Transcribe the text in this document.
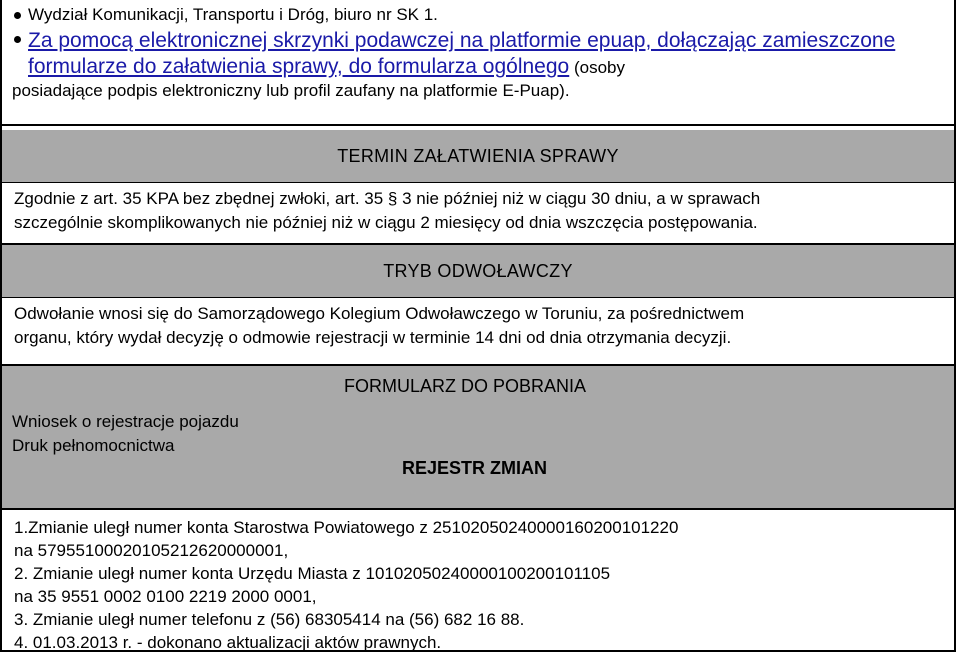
Wydział Komunikacji, Transportu i Dróg, biuro nr SK 1.
Za pomocą elektronicznej skrzynki podawczej na platformie epuap, dołączając zamieszczone formularze do załatwienia sprawy, do formularza ogólnego (osoby
posiadające podpis elektroniczny lub profil zaufany na platformie E-Puap).
TERMIN ZAŁATWIENIA SPRAWY
Zgodnie z art. 35 KPA bez zbędnej zwłoki, art. 35 § 3 nie później niż w ciągu 30 dniu, a w sprawach
szczególnie skomplikowanych nie później niż w ciągu 2 miesięcy od dnia wszczęcia postępowania.
TRYB ODWOŁAWCZY
Odwołanie wnosi się do Samorządowego Kolegium Odwoławczego w Toruniu, za pośrednictwem
organu, który wydał decyzję o odmowie rejestracji w terminie 14 dni od dnia otrzymania decyzji.
Wniosek o rejestracje pojazdu
Druk pełnomocnictwa
FORMULARZ DO POBRANIA
REJESTR ZMIAN
1.Zmianie uległ numer konta Starostwa Powiatowego z 25102050240000160200101220
na 57955100020105212620000001,
2. Zmianie uległ numer konta Urzędu Miasta z 10102050240000100200101105
na 35 9551 0002 0100 2219 2000 0001,
3. Zmianie uległ numer telefonu z (56) 68305414 na (56) 682 16 88.
4. 01.03.2013 r. - dokonano aktualizacji aktów prawnych.
